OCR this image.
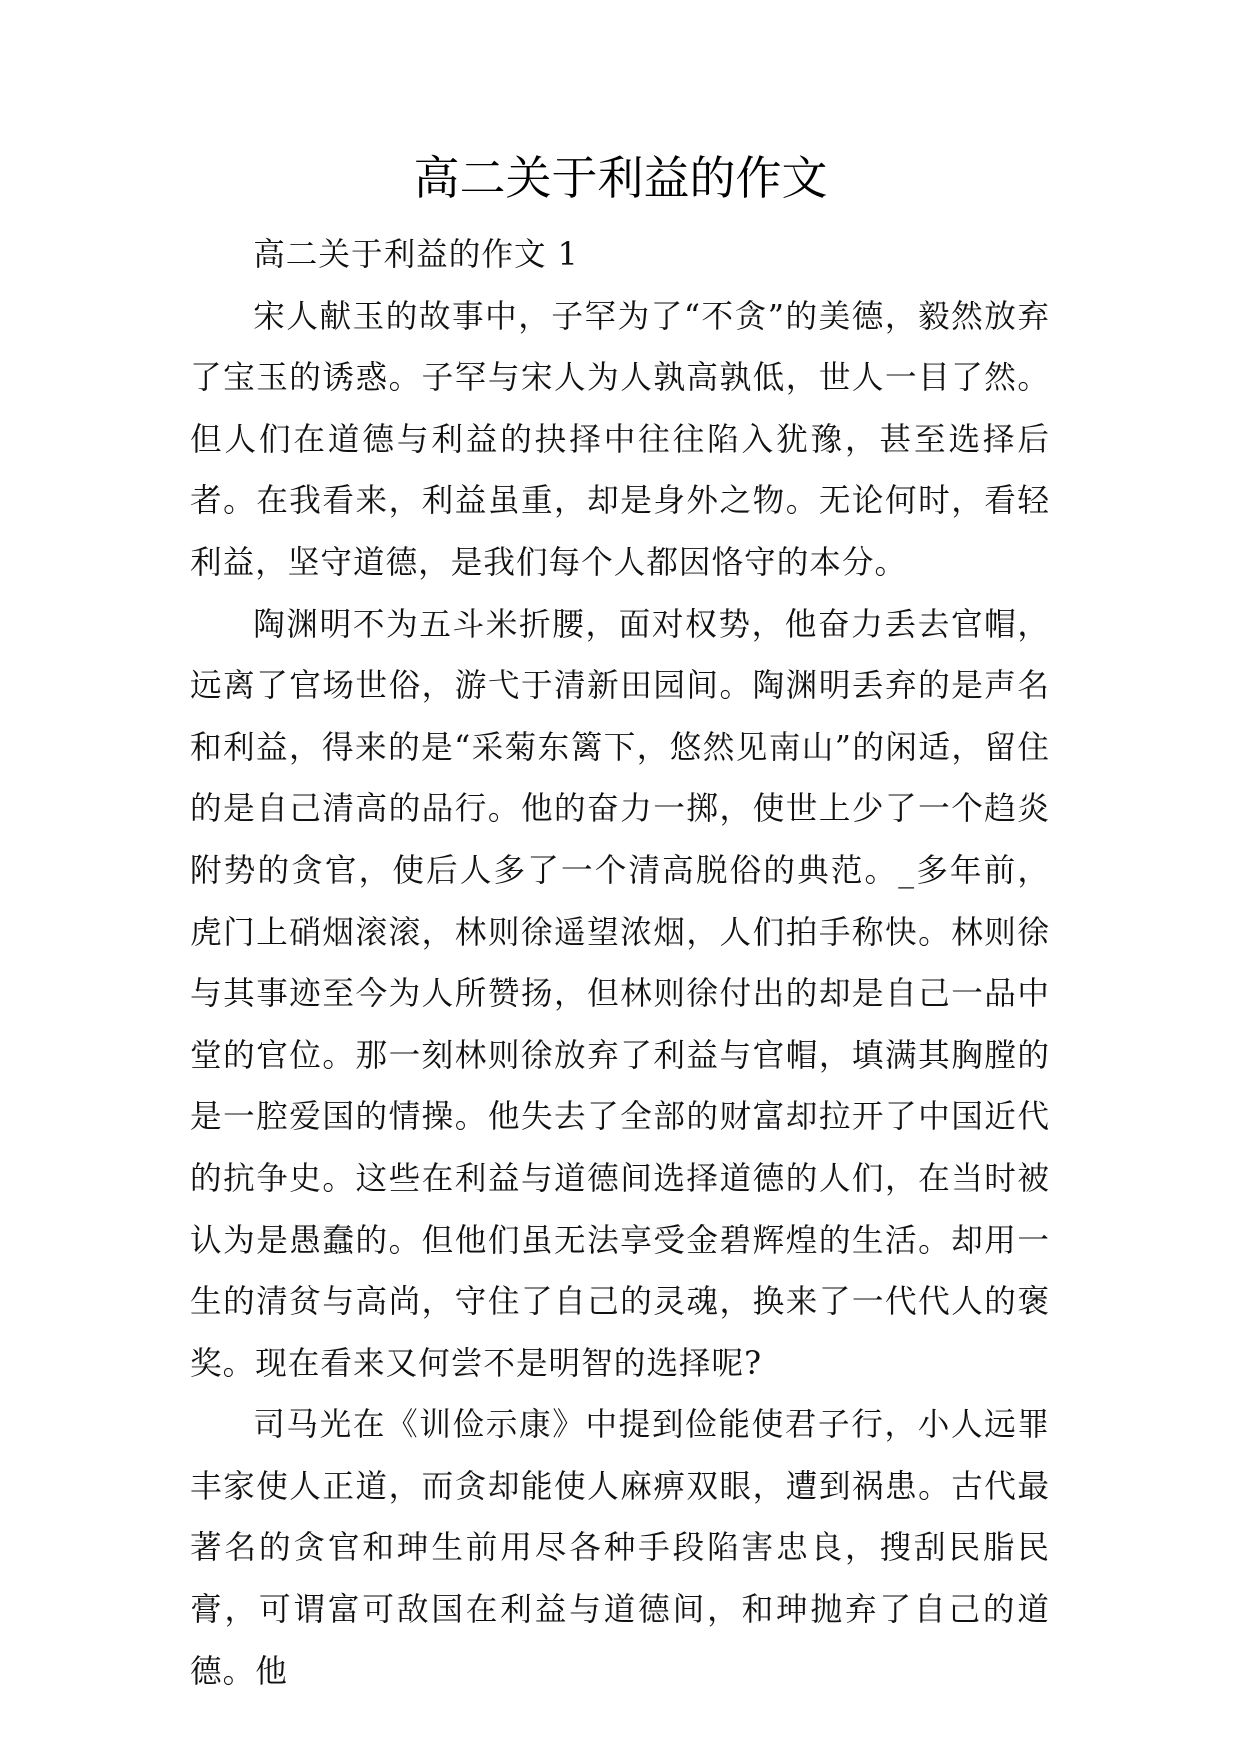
高二关于利益的作文

高二关于利益的作文 1

宋人献玉的故事中，子罕为了“不贪”的美德，毅然放弃了宝玉的诱惑。子罕与宋人为人孰高孰低，世人一目了然。但人们在道德与利益的抉择中往往陷入犹豫，甚至选择后者。在我看来，利益虽重，却是身外之物。无论何时，看轻利益，坚守道德，是我们每个人都因恪守的本分。

陶渊明不为五斗米折腰，面对权势，他奋力丢去官帽，远离了官场世俗，游弋于清新田园间。陶渊明丢弃的是声名和利益，得来的是“采菊东篱下，悠然见南山”的闲适，留住的是自己清高的品行。他的奋力一掷，使世上少了一个趋炎附势的贪官，使后人多了一个清高脱俗的典范。_多年前，虎门上硝烟滚滚，林则徐遥望浓烟，人们拍手称快。林则徐与其事迹至今为人所赞扬，但林则徐付出的却是自己一品中堂的官位。那一刻林则徐放弃了利益与官帽，填满其胸膛的是一腔爱国的情操。他失去了全部的财富却拉开了中国近代的抗争史。这些在利益与道德间选择道德的人们，在当时被认为是愚蠢的。但他们虽无法享受金碧辉煌的生活。却用一生的清贫与高尚，守住了自己的灵魂，换来了一代代人的褒奖。现在看来又何尝不是明智的选择呢?

司马光在《训俭示康》中提到俭能使君子行，小人远罪丰家使人正道，而贪却能使人麻痹双眼，遭到祸患。古代最著名的贪官和珅生前用尽各种手段陷害忠良，搜刮民脂民膏，可谓富可敌国在利益与道德间，和珅抛弃了自己的道德。他
